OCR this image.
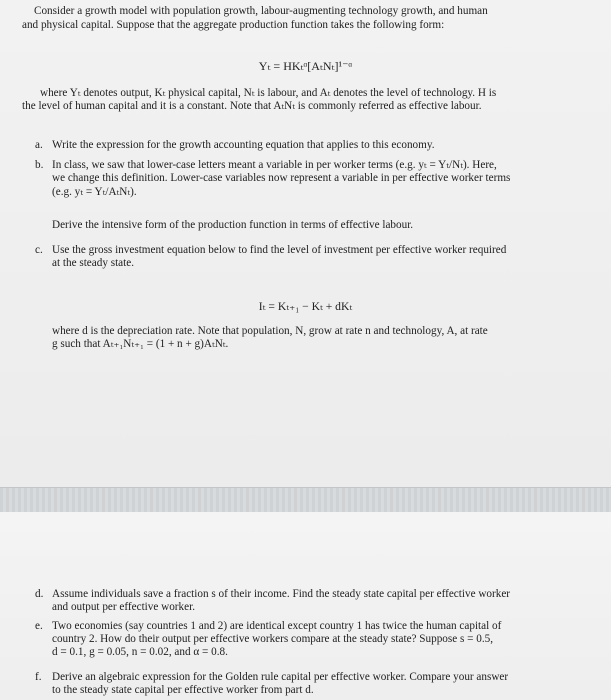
Consider a growth model with population growth, labour-augmenting technology growth, and human
and physical capital. Suppose that the aggregate production function takes the following form:
Yₜ = HKₜᵅ[AₜNₜ]¹⁻ᵅ
where Yₜ denotes output, Kₜ physical capital, Nₜ is labour, and Aₜ denotes the level of technology. H is
the level of human capital and it is a constant. Note that AₜNₜ is commonly referred as effective labour.
a. Write the expression for the growth accounting equation that applies to this economy.
b. In class, we saw that lower-case letters meant a variable in per worker terms (e.g. yₜ = Yₜ/Nₜ). Here,
we change this definition. Lower-case variables now represent a variable in per effective worker terms
(e.g. yₜ = Yₜ/AₜNₜ).
Derive the intensive form of the production function in terms of effective labour.
c. Use the gross investment equation below to find the level of investment per effective worker required
at the steady state.
Iₜ = Kₜ₊₁ − Kₜ + dKₜ
where d is the depreciation rate. Note that population, N, grow at rate n and technology, A, at rate
g such that Aₜ₊₁Nₜ₊₁ = (1 + n + g)AₜNₜ.
d. Assume individuals save a fraction s of their income. Find the steady state capital per effective worker
and output per effective worker.
e. Two economies (say countries 1 and 2) are identical except country 1 has twice the human capital of
country 2. How do their output per effective workers compare at the steady state? Suppose s = 0.5,
d = 0.1, g = 0.05, n = 0.02, and α = 0.8.
f. Derive an algebraic expression for the Golden rule capital per effective worker. Compare your answer
to the steady state capital per effective worker from part d.
